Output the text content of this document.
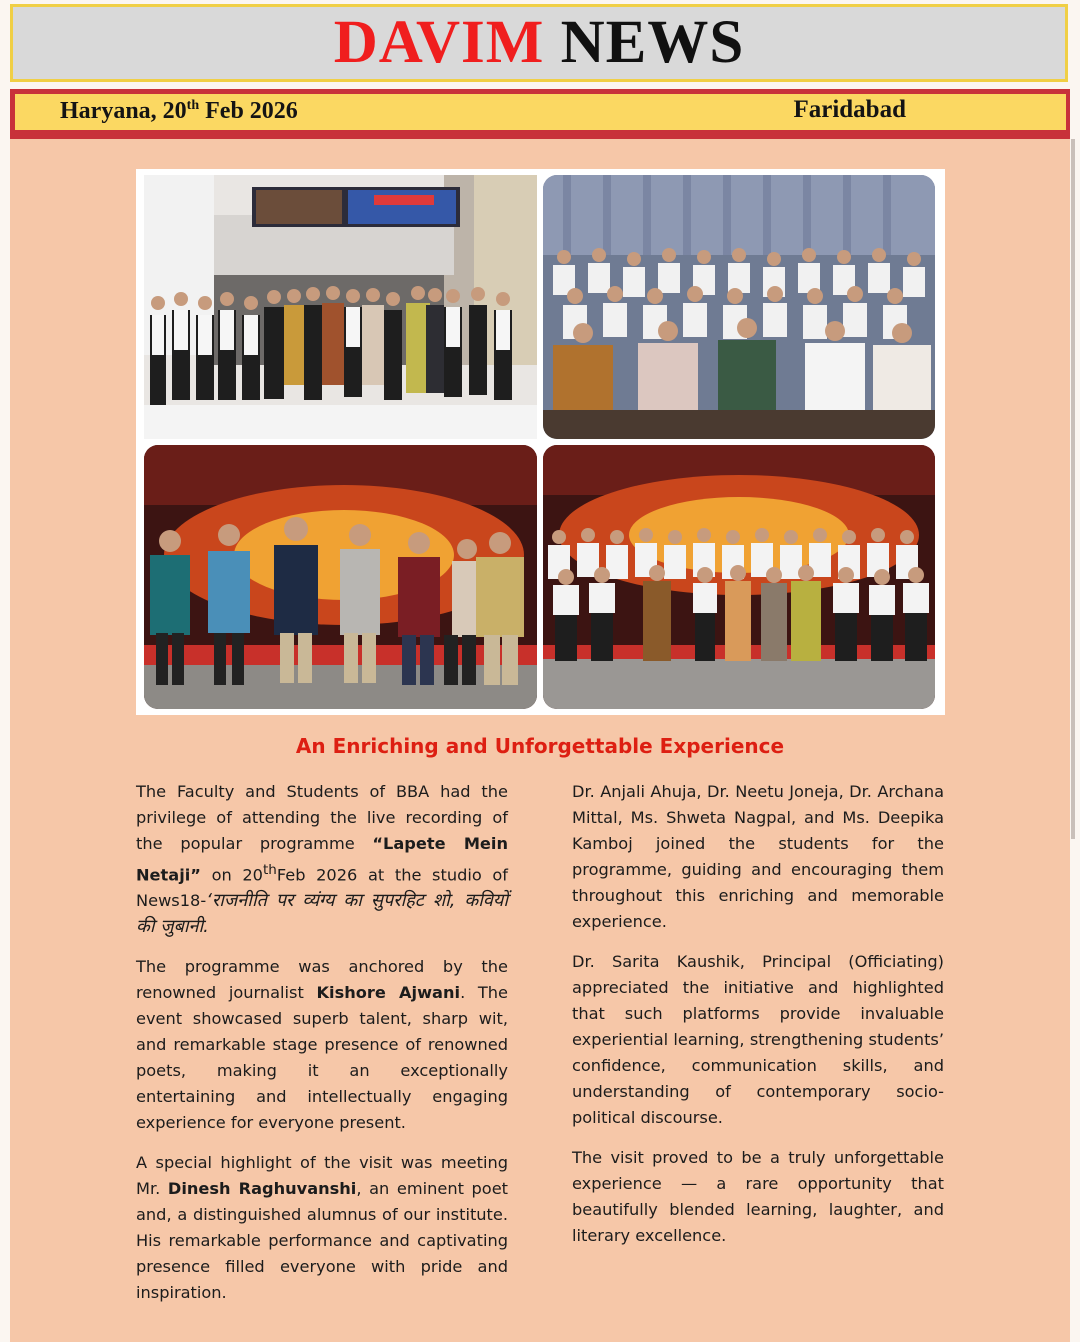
DAVIM NEWS
Haryana, 20th Feb 2026	Faridabad
An Enriching and Unforgettable Experience

The Faculty and Students of BBA had the privilege of attending the live recording of the popular programme “Lapete Mein Netaji” on 20thFeb 2026 at the studio of News18-‘राजनीति पर व्यंग्य का सुपरहिट शो, कवियों की जुबानी.

The programme was anchored by the renowned journalist Kishore Ajwani. The event showcased superb talent, sharp wit, and remarkable stage presence of renowned poets, making it an exceptionally entertaining and intellectually engaging experience for everyone present.

A special highlight of the visit was meeting Mr. Dinesh Raghuvanshi, an eminent poet and, a distinguished alumnus of our institute. His remarkable performance and captivating presence filled everyone with pride and inspiration.

Dr. Anjali Ahuja, Dr. Neetu Joneja, Dr. Archana Mittal, Ms. Shweta Nagpal, and Ms. Deepika Kamboj joined the students for the programme, guiding and encouraging them throughout this enriching and memorable experience.

Dr. Sarita Kaushik, Principal (Officiating) appreciated the initiative and highlighted that such platforms provide invaluable experiential learning, strengthening students’ confidence, communication skills, and understanding of contemporary socio-political discourse.

The visit proved to be a truly unforgettable experience — a rare opportunity that beautifully blended learning, laughter, and literary excellence.
